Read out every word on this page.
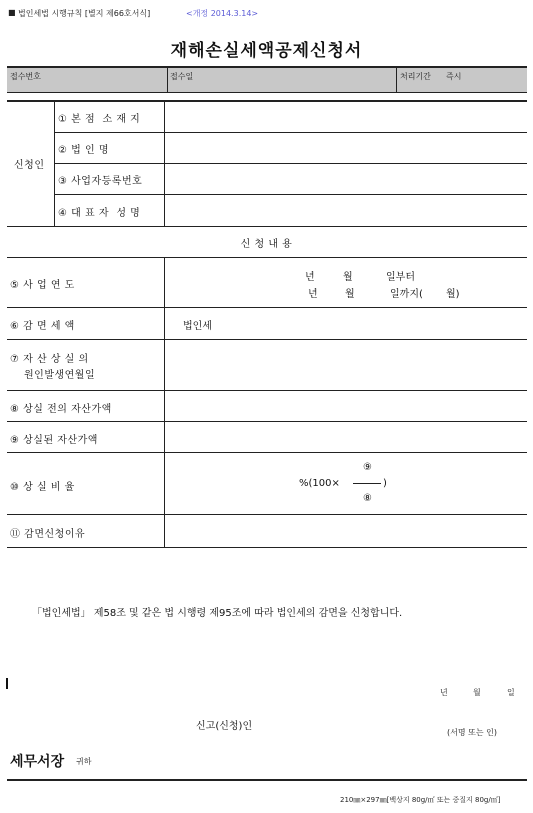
■ 법인세법 시행규칙 [별지 제66호서식]	<개정 2014.3.14>
재해손실세액공제신청서
접수번호	접수일	처리기간 즉시
신청인
① 본 점  소 재 지
② 법 인 명
③ 사업자등록번호
④ 대 표 자  성 명
신 청 내 용
⑤ 사 업 연 도
년	월	일부터
년	월	일까지( 월)
⑥ 감 면 세 액	법인세
⑦ 자 산 상 실 의
원인발생연월일
⑧ 상실 전의 자산가액
⑨ 상실된 자산가액
⑩ 상 실 비 율	%(100×
⑨
⑧
)
⑪ 감면신청이유
「법인세법」 제58조 및 같은 법 시행령 제95조에 따라 법인세의 감면을 신청합니다.
년	월	일
신고(신청)인
(서명 또는 인)
세무서장 귀하
210㎜×297㎜[백상지 80g/㎡ 또는 중질지 80g/㎡]
